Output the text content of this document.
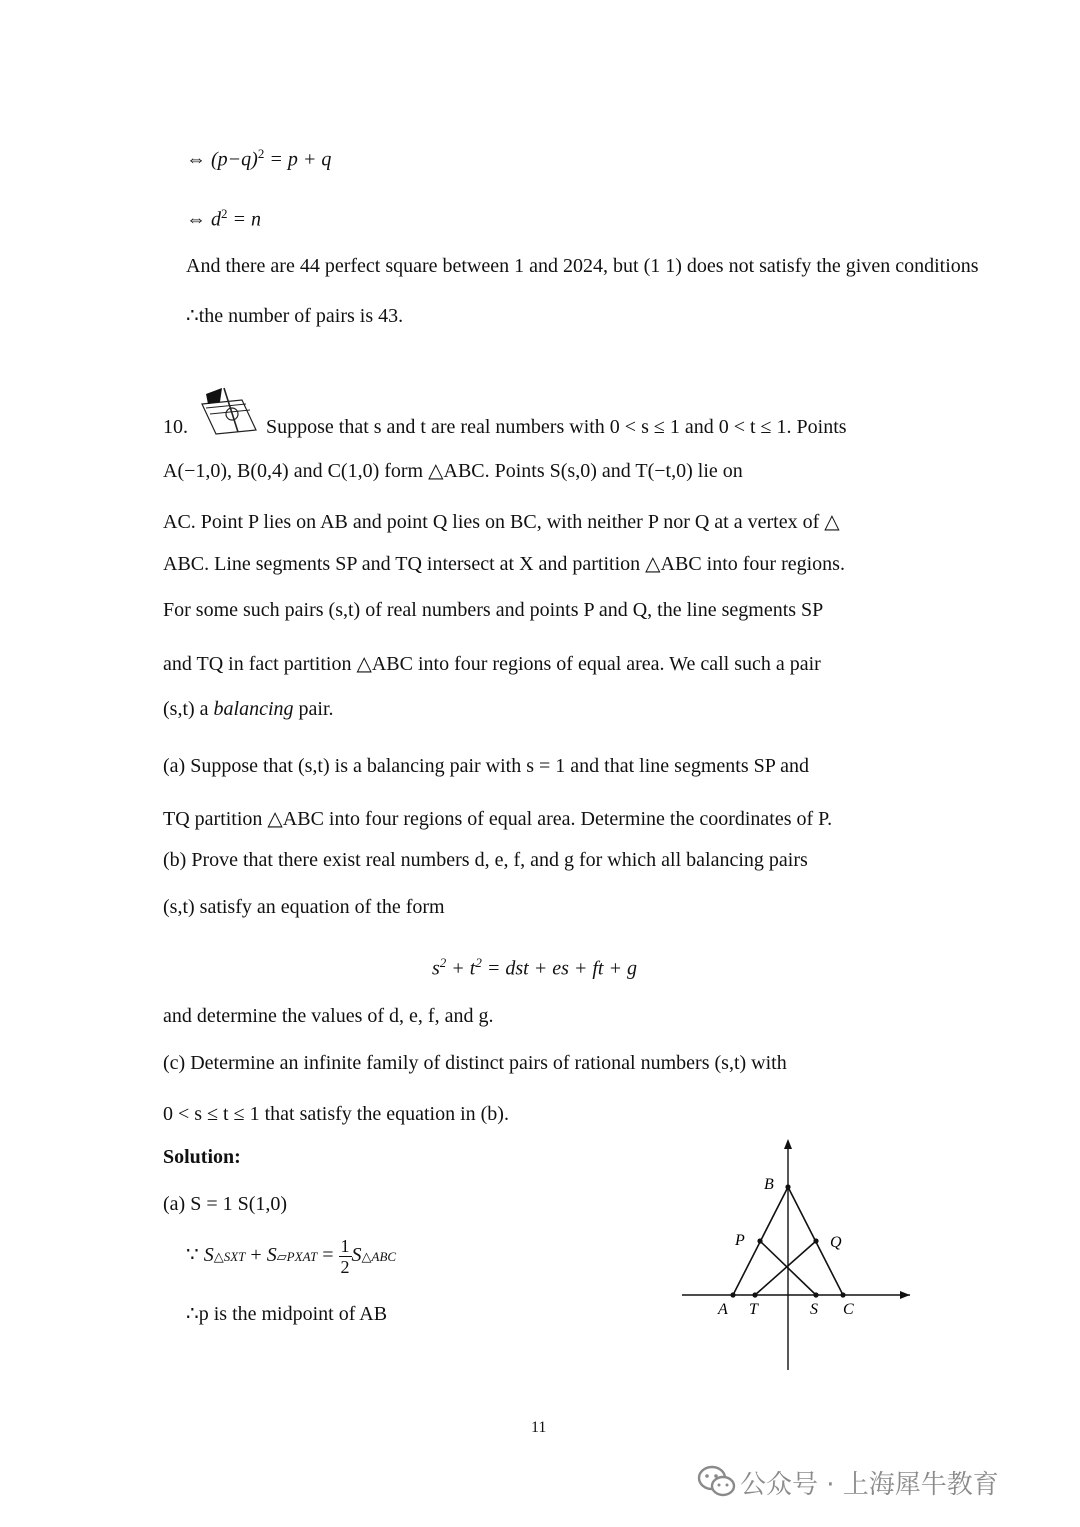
⇔ $(p-q)^2 = p + q$
⇔ $d^2 = n$
And there are 44 perfect square between 1 and 2024, but (1 1) does not satisfy the given conditions
∴the number of pairs is 43.
10.	Suppose that s and t are real numbers with 0 < s ≤ 1 and 0 < t ≤ 1. Points
A(−1,0), B(0,4) and C(1,0) form △ABC. Points S(s,0) and T(−t,0) lie on
AC. Point P lies on AB and point Q lies on BC, with neither P nor Q at a vertex of △
ABC. Line segments SP and TQ intersect at X and partition △ABC into four regions.
For some such pairs (s,t) of real numbers and points P and Q, the line segments SP
and TQ in fact partition △ABC into four regions of equal area. We call such a pair
(s,t) a balancing pair.
(a) Suppose that (s,t) is a balancing pair with s = 1 and that line segments SP and
TQ partition △ABC into four regions of equal area. Determine the coordinates of P.
(b) Prove that there exist real numbers d, e, f, and g for which all balancing pairs
(s,t) satisfy an equation of the form
$s^2 + t^2$ = dst + es + ft + g
and determine the values of d, e, f, and g.
(c) Determine an infinite family of distinct pairs of rational numbers (s,t) with
0 < s ≤ t ≤ 1 that satisfy the equation in (b).
Solution:
(a) S = 1 S(1,0)
∵ S△SXT + S▱PXAT = $\frac{1}{2}$ S△ABC
∴p is the midpoint of AB
B
P	Q
A T	S C
11
公众号 · 上海犀牛教育
